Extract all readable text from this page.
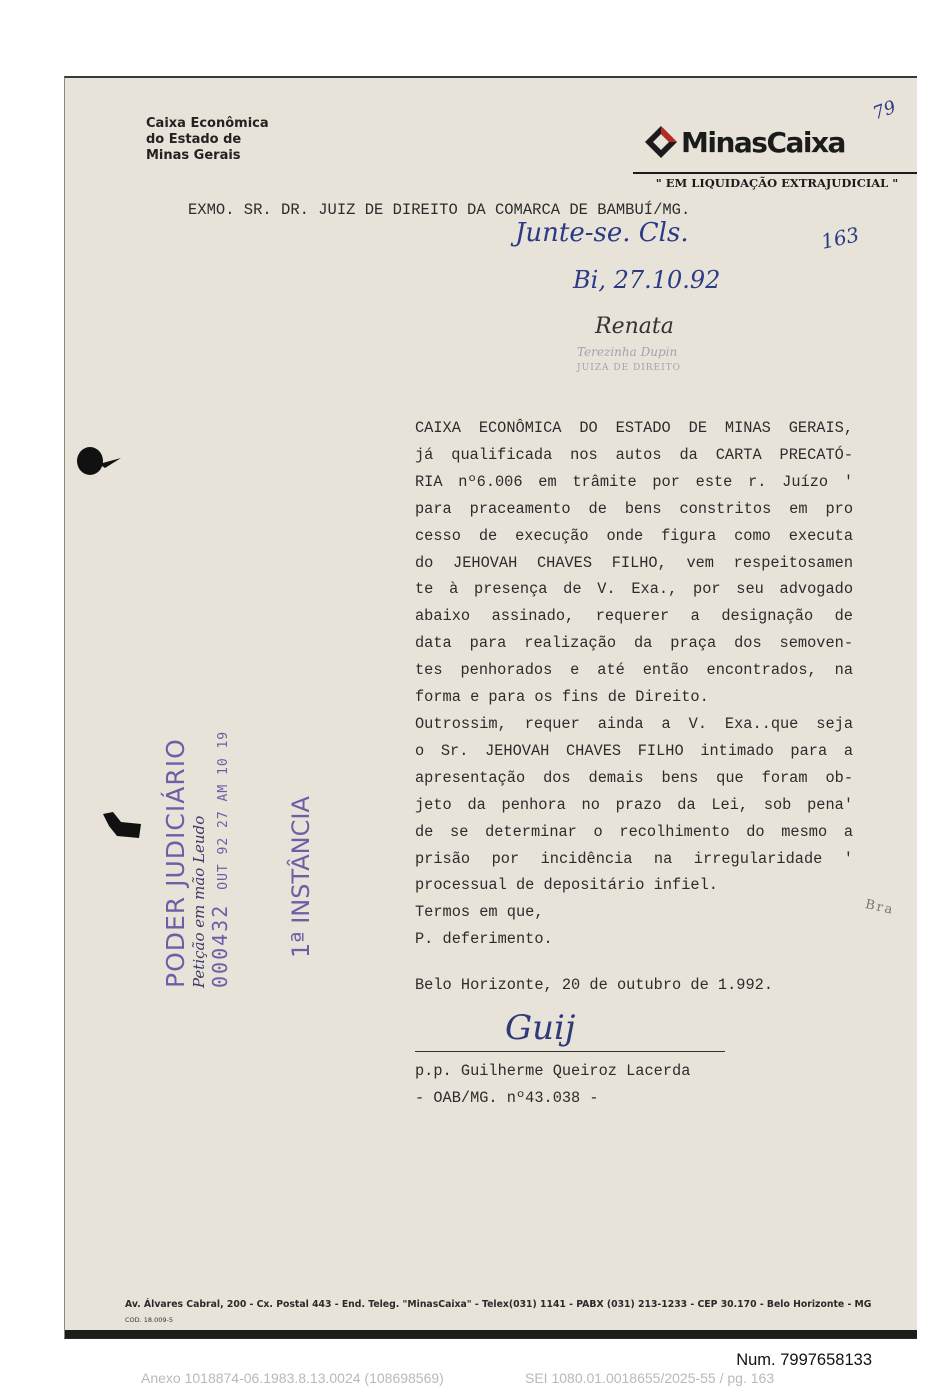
Caixa Econômica
do Estado de
Minas Gerais	MinasCaixa
" EM LIQUIDAÇÃO EXTRAJUDICIAL "
79
EXMO. SR. DR. JUIZ DE DIREITO DA COMARCA DE BAMBUÍ/MG.
163
Junte-se. Cls.
Bi, 27.10.92
Renata
Terezinha Dupin
JUIZA DE DIREITO
CAIXA ECONÔMICA DO ESTADO DE MINAS GERAIS,
já qualificada nos autos da CARTA PRECATÓ-
RIA nº6.006 em trâmite por este r. Juízo '
para praceamento de bens constritos em pro
cesso de execução onde figura como executa
do JEHOVAH CHAVES FILHO, vem respeitosamen
te à presença de V. Exa., por seu advogado
abaixo assinado, requerer a designação de
data para realização da praça dos semoven-
tes penhorados e até então encontrados, na
forma e para os fins de Direito.
Outrossim, requer ainda a V. Exa..que seja
o Sr. JEHOVAH CHAVES FILHO intimado para a
apresentação dos demais bens que foram ob-
jeto da penhora no prazo da Lei, sob pena'
de se determinar o recolhimento do mesmo a
prisão por incidência na irregularidade '
processual de depositário infiel.
Termos em que,
P. deferimento.
Belo Horizonte, 20 de outubro de 1.992.
Guij
p.p. Guilherme Queiroz Lacerda
- OAB/MG. nº43.038 -
PODER JUDICIÁRIO Petição em mão Leudo 000432OUT 92 27 AM 10 19 1ª INSTÂNCIA	Bra
Av. Álvares Cabral, 200 - Cx. Postal 443 - End. Teleg. "MinasCaixa" - Telex(031) 1141 - PABX (031) 213-1233 - CEP 30.170 - Belo Horizonte - MG
COD. 18.009-5
Num. 7997658133
Anexo 1018874-06.1983.8.13.0024 (108698569)	SEI 1080.01.0018655/2025-55 / pg. 163
